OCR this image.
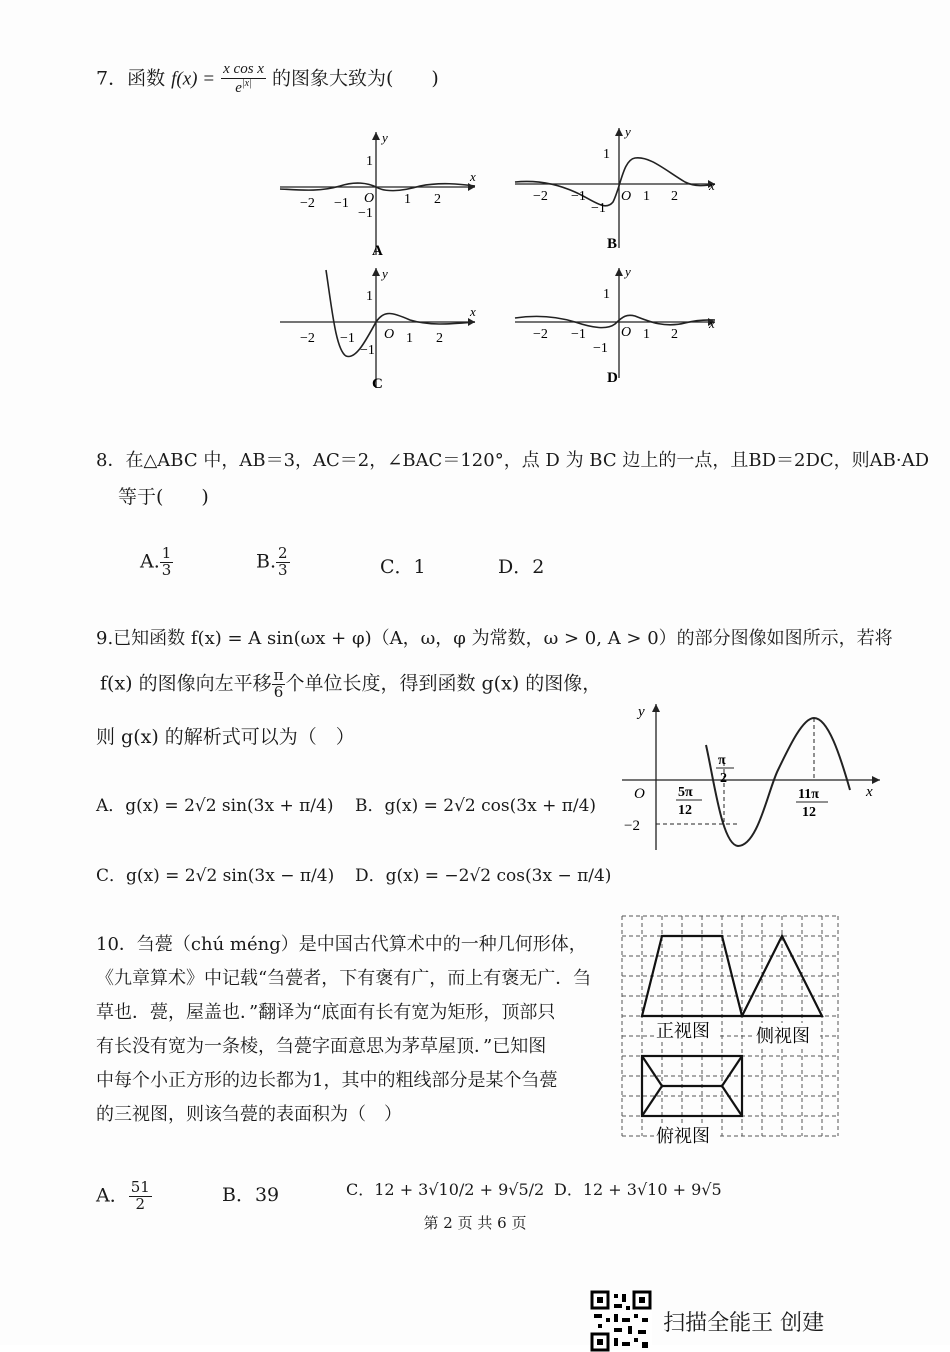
7．函数 $f(x) = \frac{\text{x cos x}}{e^{|x|}}$ 的图象大致为(　　)
y
x
O
1
−1
−2 −1	1 2
A
y
x
O
1
−1
−2 −1	1 2
B
y
x
O
1
−1
−2 −1	1 2
C
y
x
O
1
−1
−2 −1	1 2
D
8．在△ABC 中，AB＝3，AC＝2，∠BAC＝120°，点 D 为 BC 边上的一点，且BD＝2DC，则AB·AD
等于(　　)
A. $\frac{1}{3}$	B. $\frac{2}{3}$	C．1	D．2
9.已知函数 f(x) = A sin(ωx + φ)（A，ω，φ 为常数，ω > 0, A > 0）的部分图像如图所示，若将
f(x) 的图像向左平移 $\frac{\pi}{6}$ 个单位长度，得到函数 g(x) 的图像，
则 g(x) 的解析式可以为（　）
A．g(x) = 2√2 sin(3x + π/4) B．g(x) = 2√2 cos(3x + π/4)
C．g(x) = 2√2 sin(3x − π/4) D．g(x) = −2√2 cos(3x − π/4)
y
x
O
−2
π
2
5π
12
11π
12
10．刍甍（chú méng）是中国古代算术中的一种几何形体，
《九章算术》中记载“刍甍者，下有褒有广，而上有褒无广．刍
草也．甍，屋盖也．”翻译为“底面有长有宽为矩形，顶部只
有长没有宽为一条棱，刍甍字面意思为茅草屋顶．”已知图
中每个小正方形的边长都为1，其中的粗线部分是某个刍甍
的三视图，则该刍甍的表面积为（　）
正视图	侧视图
俯视图
A． $\frac{51}{2}$	B．39	C．12 + 3√10/2 + 9√5/2 D．12 + 3√10 + 9√5
第 2 页 共 6 页
扫描全能王 创建
